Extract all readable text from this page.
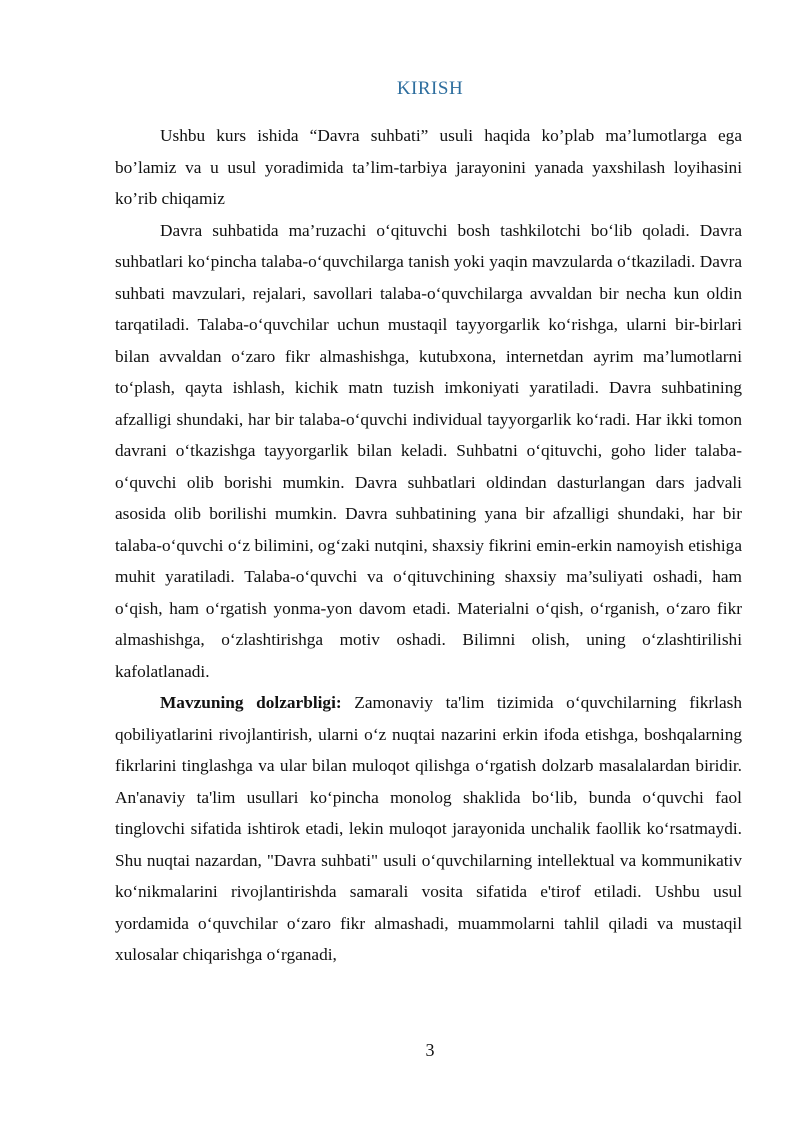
KIRISH

Ushbu kurs ishida “Davra suhbati” usuli haqida ko’plab ma’lumotlarga ega bo’lamiz va u usul yoradimida ta’lim-tarbiya jarayonini yanada yaxshilash loyihasini ko’rib chiqamiz

Davra suhbatida ma’ruzachi o‘qituvchi bosh tashkilotchi bo‘lib qoladi. Davra suhbatlari ko‘pincha talaba-o‘quvchilarga tanish yoki yaqin mavzularda o‘tkaziladi. Davra suhbati mavzulari, rejalari, savollari talaba-o‘quvchilarga avvaldan bir necha kun oldin tarqatiladi. Talaba-o‘quvchilar uchun mustaqil tayyorgarlik ko‘rishga, ularni bir-birlari bilan avvaldan o‘zaro fikr almashishga, kutubxona, internetdan ayrim ma’lumotlarni to‘plash, qayta ishlash, kichik matn tuzish imkoniyati yaratiladi. Davra suhbatining afzalligi shundaki, har bir talaba-o‘quvchi individual tayyorgarlik ko‘radi. Har ikki tomon davrani o‘tkazishga tayyorgarlik bilan keladi. Suhbatni o‘qituvchi, goho lider talaba-o‘quvchi olib borishi mumkin. Davra suhbatlari oldindan dasturlangan dars jadvali asosida olib borilishi mumkin. Davra suhbatining yana bir afzalligi shundaki, har bir talaba-o‘quvchi o‘z bilimini, og‘zaki nutqini, shaxsiy fikrini emin-erkin namoyish etishiga muhit yaratiladi. Talaba-o‘quvchi va o‘qituvchining shaxsiy ma’suliyati oshadi, ham o‘qish, ham o‘rgatish yonma-yon davom etadi. Materialni o‘qish, o‘rganish, o‘zaro fikr almashishga, o‘zlashtirishga motiv oshadi. Bilimni olish, uning o‘zlashtirilishi kafolatlanadi.

Mavzuning dolzarbligi: Zamonaviy ta'lim tizimida o‘quvchilarning fikrlash qobiliyatlarini rivojlantirish, ularni o‘z nuqtai nazarini erkin ifoda etishga, boshqalarning fikrlarini tinglashga va ular bilan muloqot qilishga o‘rgatish dolzarb masalalardan biridir. An'anaviy ta'lim usullari ko‘pincha monolog shaklida bo‘lib, bunda o‘quvchi faol tinglovchi sifatida ishtirok etadi, lekin muloqot jarayonida unchalik faollik ko‘rsatmaydi. Shu nuqtai nazardan, "Davra suhbati" usuli o‘quvchilarning intellektual va kommunikativ ko‘nikmalarini rivojlantirishda samarali vosita sifatida e'tirof etiladi. Ushbu usul yordamida o‘quvchilar o‘zaro fikr almashadi, muammolarni tahlil qiladi va mustaqil xulosalar chiqarishga o‘rganadi,

3
